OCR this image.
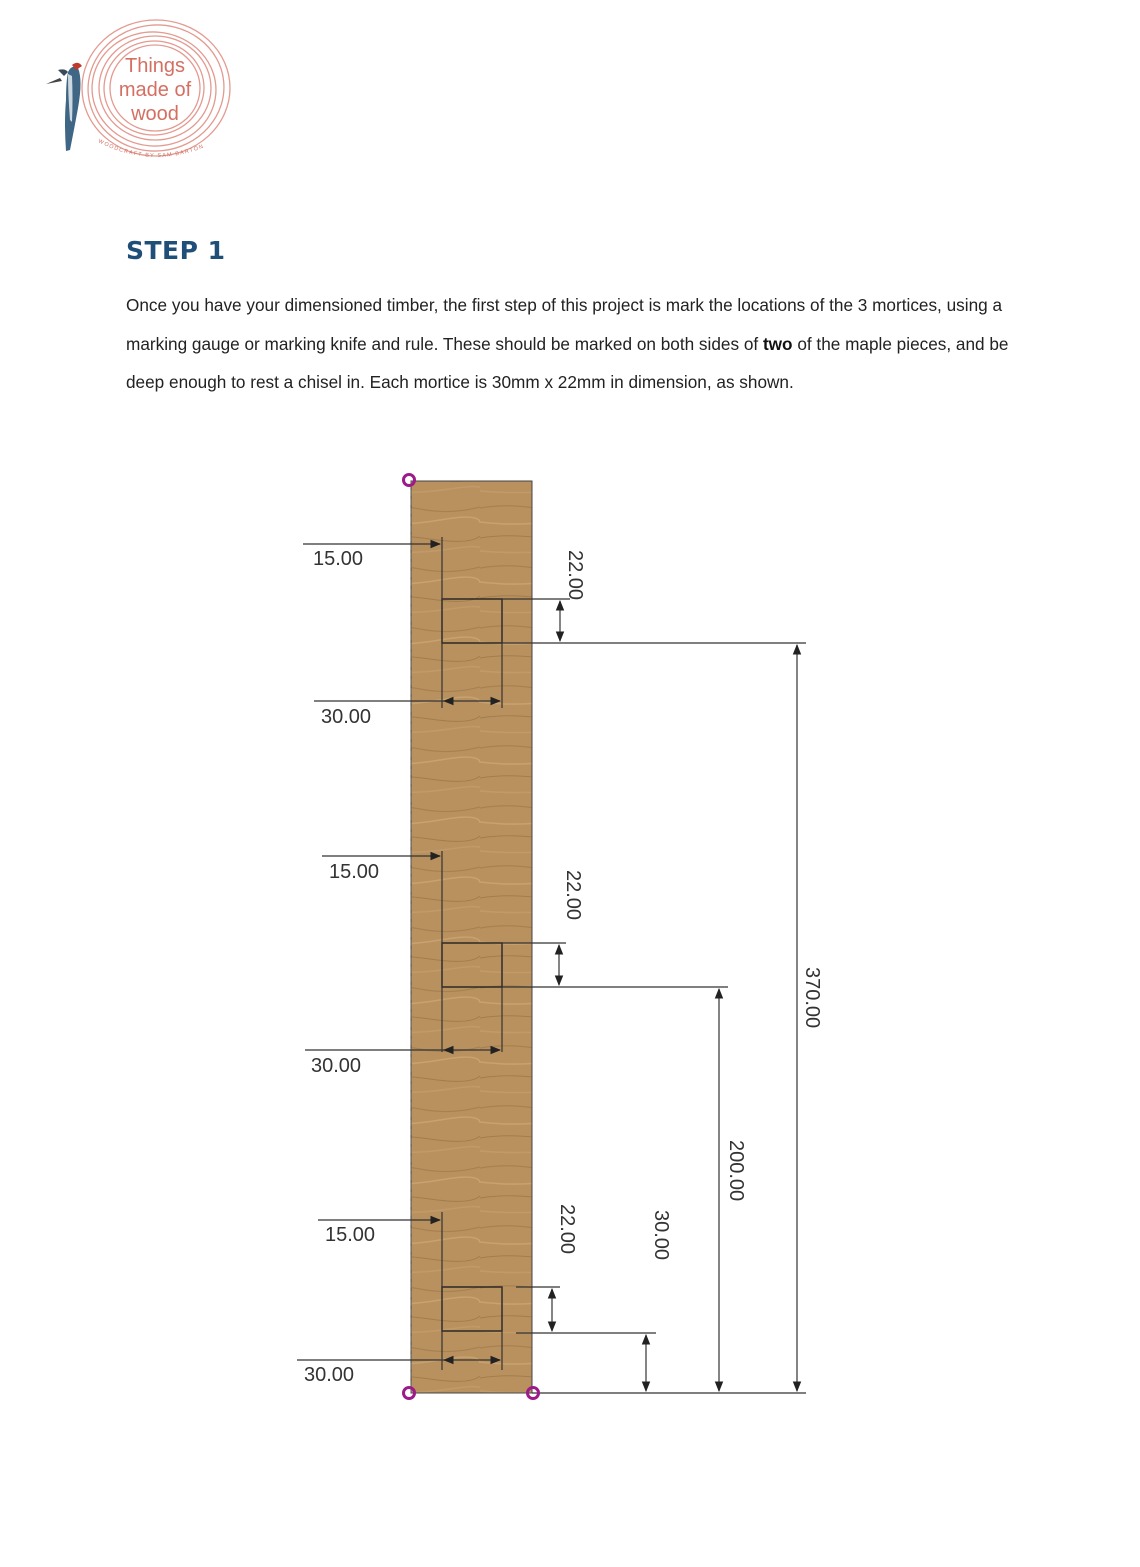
Things
made of
wood
WOODCRAFT BY SAM BARTON
STEP 1

Once you have your dimensioned timber, the first step of this project is mark the locations of the 3 mortices, using a marking gauge or marking knife and rule. These should be marked on both sides of two of the maple pieces, and be deep enough to rest a chisel in. Each mortice is 30mm x 22mm in dimension, as shown.

15.00
30.00
22.00
15.00
30.00
22.00
15.00
30.00
22.00	30.00
200.00
370.00
